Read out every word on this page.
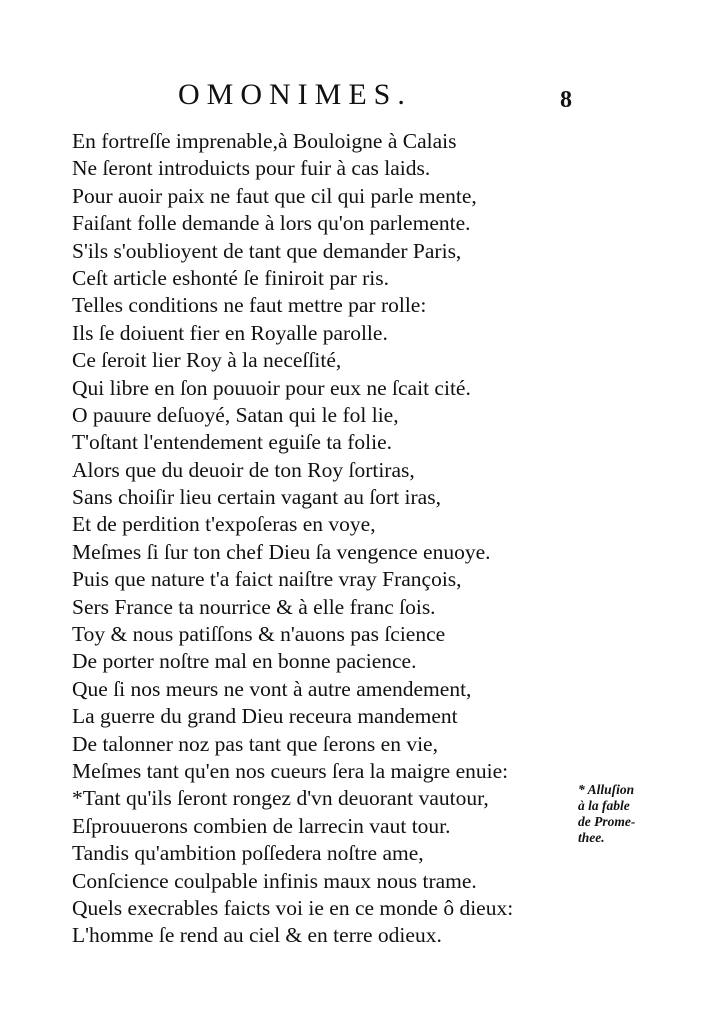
OMONIMES.	8
En fortreſſe imprenable,à Bouloigne à Calais
Ne ſeront introduicts pour fuir à cas laids.
Pour auoir paix ne faut que cil qui parle mente,
Faiſant folle demande à lors qu'on parlemente.
S'ils s'oublioyent de tant que demander Paris,
Ceſt article eshonté ſe finiroit par ris.
Telles conditions ne faut mettre par rolle:
Ils ſe doiuent fier en Royalle parolle.
Ce ſeroit lier Roy à la neceſſité,
Qui libre en ſon pouuoir pour eux ne ſcait cité.
O pauure deſuoyé, Satan qui le fol lie,
T'oſtant l'entendement eguiſe ta folie.
Alors que du deuoir de ton Roy ſortiras,
Sans choiſir lieu certain vagant au ſort iras,
Et de perdition t'expoſeras en voye,
Meſmes ſi ſur ton chef Dieu ſa vengence enuoye.
Puis que nature t'a faict naiſtre vray François,
Sers France ta nourrice & à elle franc ſois.
Toy & nous patiſſons & n'auons pas ſcience
De porter noſtre mal en bonne pacience.
Que ſi nos meurs ne vont à autre amendement,
La guerre du grand Dieu receura mandement
De talonner noz pas tant que ſerons en vie,
Meſmes tant qu'en nos cueurs ſera la maigre enuie:
*Tant qu'ils ſeront rongez d'vn deuorant vautour,
Eſprouuerons combien de larrecin vaut tour.
Tandis qu'ambition poſſedera noſtre ame,
Conſcience coulpable infinis maux nous trame.
Quels execrables faicts voi ie en ce monde ô dieux:
L'homme ſe rend au ciel & en terre odieux.
* Alluſion
à la fable
de Prome-
thee.
